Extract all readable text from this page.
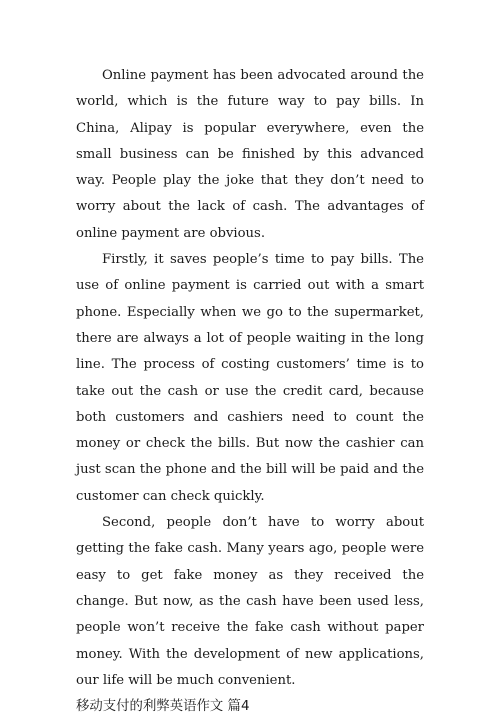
Online payment has been advocated around the world, which is the future way to pay bills. In China, Alipay is popular everywhere, even the small business can be finished by this advanced way. People play the joke that they don’t need to worry about the lack of cash. The advantages of online payment are obvious.

Firstly, it saves people’s time to pay bills. The use of online payment is carried out with a smart phone. Especially when we go to the supermarket, there are always a lot of people waiting in the long line. The process of costing customers’ time is to take out the cash or use the credit card, because both customers and cashiers need to count the money or check the bills. But now the cashier can just scan the phone and the bill will be paid and the customer can check quickly.

Second, people don’t have to worry about getting the fake cash. Many years ago, people were easy to get fake money as they received the change. But now, as the cash have been used less, people won’t receive the fake cash without paper money. With the development of new applications, our life will be much convenient.

移动支付的利弊英语作文 篇4
